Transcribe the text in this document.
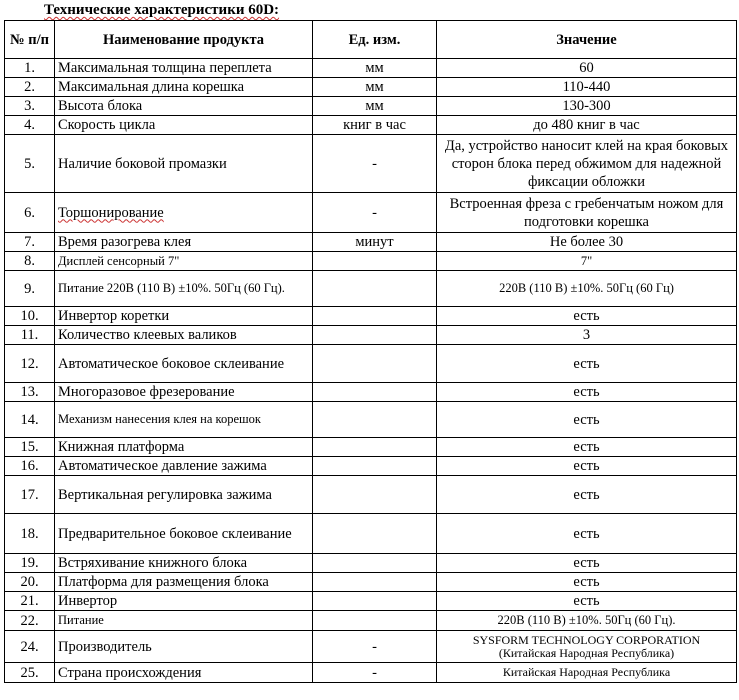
Технические характеристики 60D:
№ п/п	Наименование продукта	Ед. изм.	Значение
1.	Максимальная толщина переплета	мм	60
2.	Максимальная длина корешка	мм	110-440
3.	Высота блока	мм	130-300
4.	Скорость цикла	книг в час	до 480 книг в час
5.	Наличие боковой промазки	-	Да, устройство наносит клей на края боковых сторон блока перед обжимом для надежной фиксации обложки
6.	Торшонирование	-	Встроенная фреза с гребенчатым ножом для подготовки корешка
7.	Время разогрева клея	минут	Не более 30
8.	Дисплей сенсорный 7"		7"
9.	Питание 220В (110 В) ±10%. 50Гц (60 Гц).		220В (110 В) ±10%. 50Гц (60 Гц)
10.	Инвертор коретки		есть
11.	Количество клеевых валиков		3
12.	Автоматическое боковое склеивание		есть
13.	Многоразовое фрезерование		есть
14.	Механизм нанесения клея на корешок		есть
15.	Книжная платформа		есть
16.	Автоматическое давление зажима		есть
17.	Вертикальная регулировка зажима		есть
18.	Предварительное боковое склеивание		есть
19.	Встряхивание книжного блока		есть
20.	Платформа для размещения блока		есть
21.	Инвертор		есть
22.	Питание		220В (110 В) ±10%. 50Гц (60 Гц).
24.	Производитель	-	SYSFORM TECHNOLOGY CORPORATION
(Китайская Народная Республика)

25.	Страна происхождения	-	Китайская Народная Республика
